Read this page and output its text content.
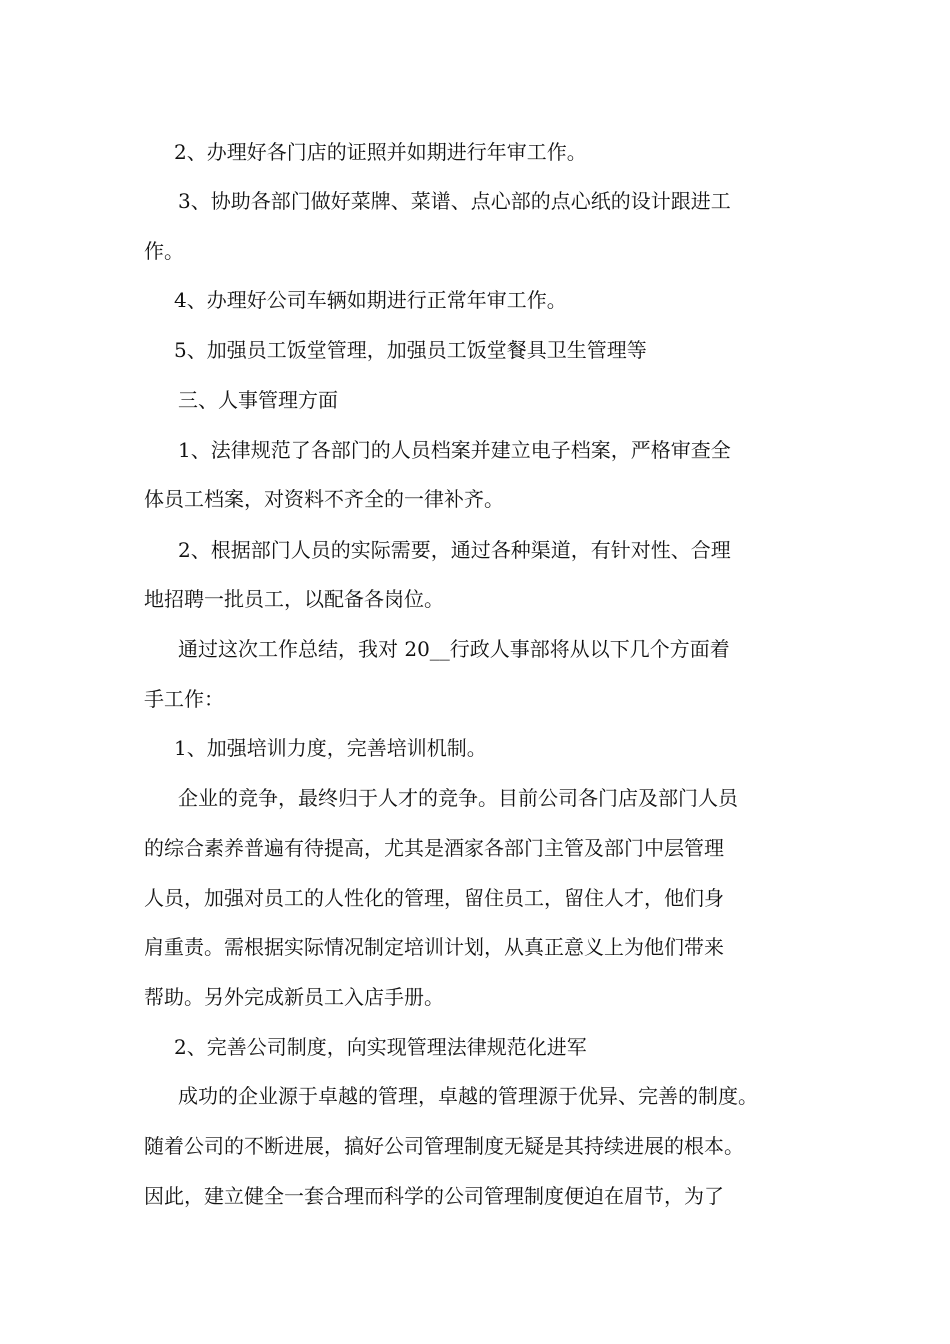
2、办理好各门店的证照并如期进行年审工作。
3、协助各部门做好菜牌、菜谱、点心部的点心纸的设计跟进工
作。
4、办理好公司车辆如期进行正常年审工作。
5、加强员工饭堂管理，加强员工饭堂餐具卫生管理等
三、人事管理方面
1、法律规范了各部门的人员档案并建立电子档案，严格审查全
体员工档案，对资料不齐全的一律补齐。
2、根据部门人员的实际需要，通过各种渠道，有针对性、合理
地招聘一批员工，以配备各岗位。
通过这次工作总结，我对 20__行政人事部将从以下几个方面着
手工作：
1、加强培训力度，完善培训机制。
企业的竞争，最终归于人才的竞争。目前公司各门店及部门人员
的综合素养普遍有待提高，尤其是酒家各部门主管及部门中层管理
人员，加强对员工的人性化的管理，留住员工，留住人才，他们身
肩重责。需根据实际情况制定培训计划，从真正意义上为他们带来
帮助。另外完成新员工入店手册。
2、完善公司制度，向实现管理法律规范化进军
成功的企业源于卓越的管理，卓越的管理源于优异、完善的制度。
随着公司的不断进展，搞好公司管理制度无疑是其持续进展的根本。
因此，建立健全一套合理而科学的公司管理制度便迫在眉节，为了
